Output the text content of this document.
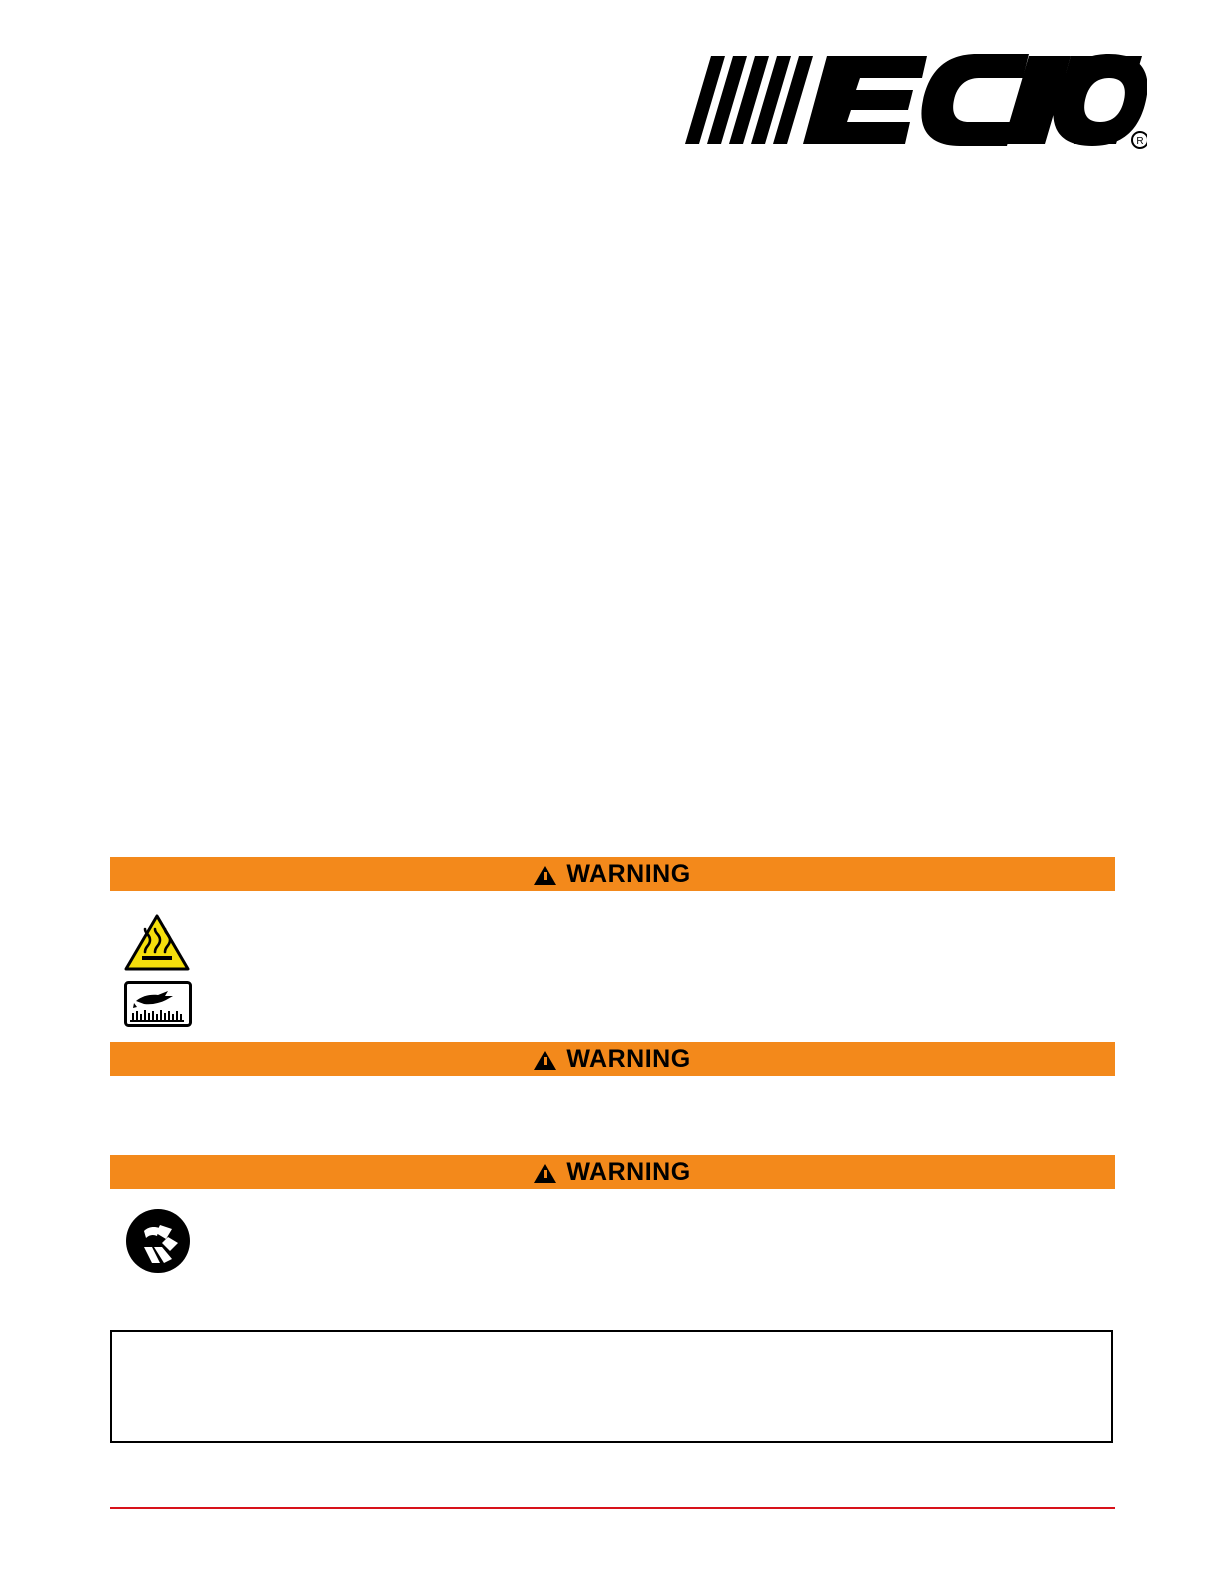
R
WARNING
WARNING
WARNING
